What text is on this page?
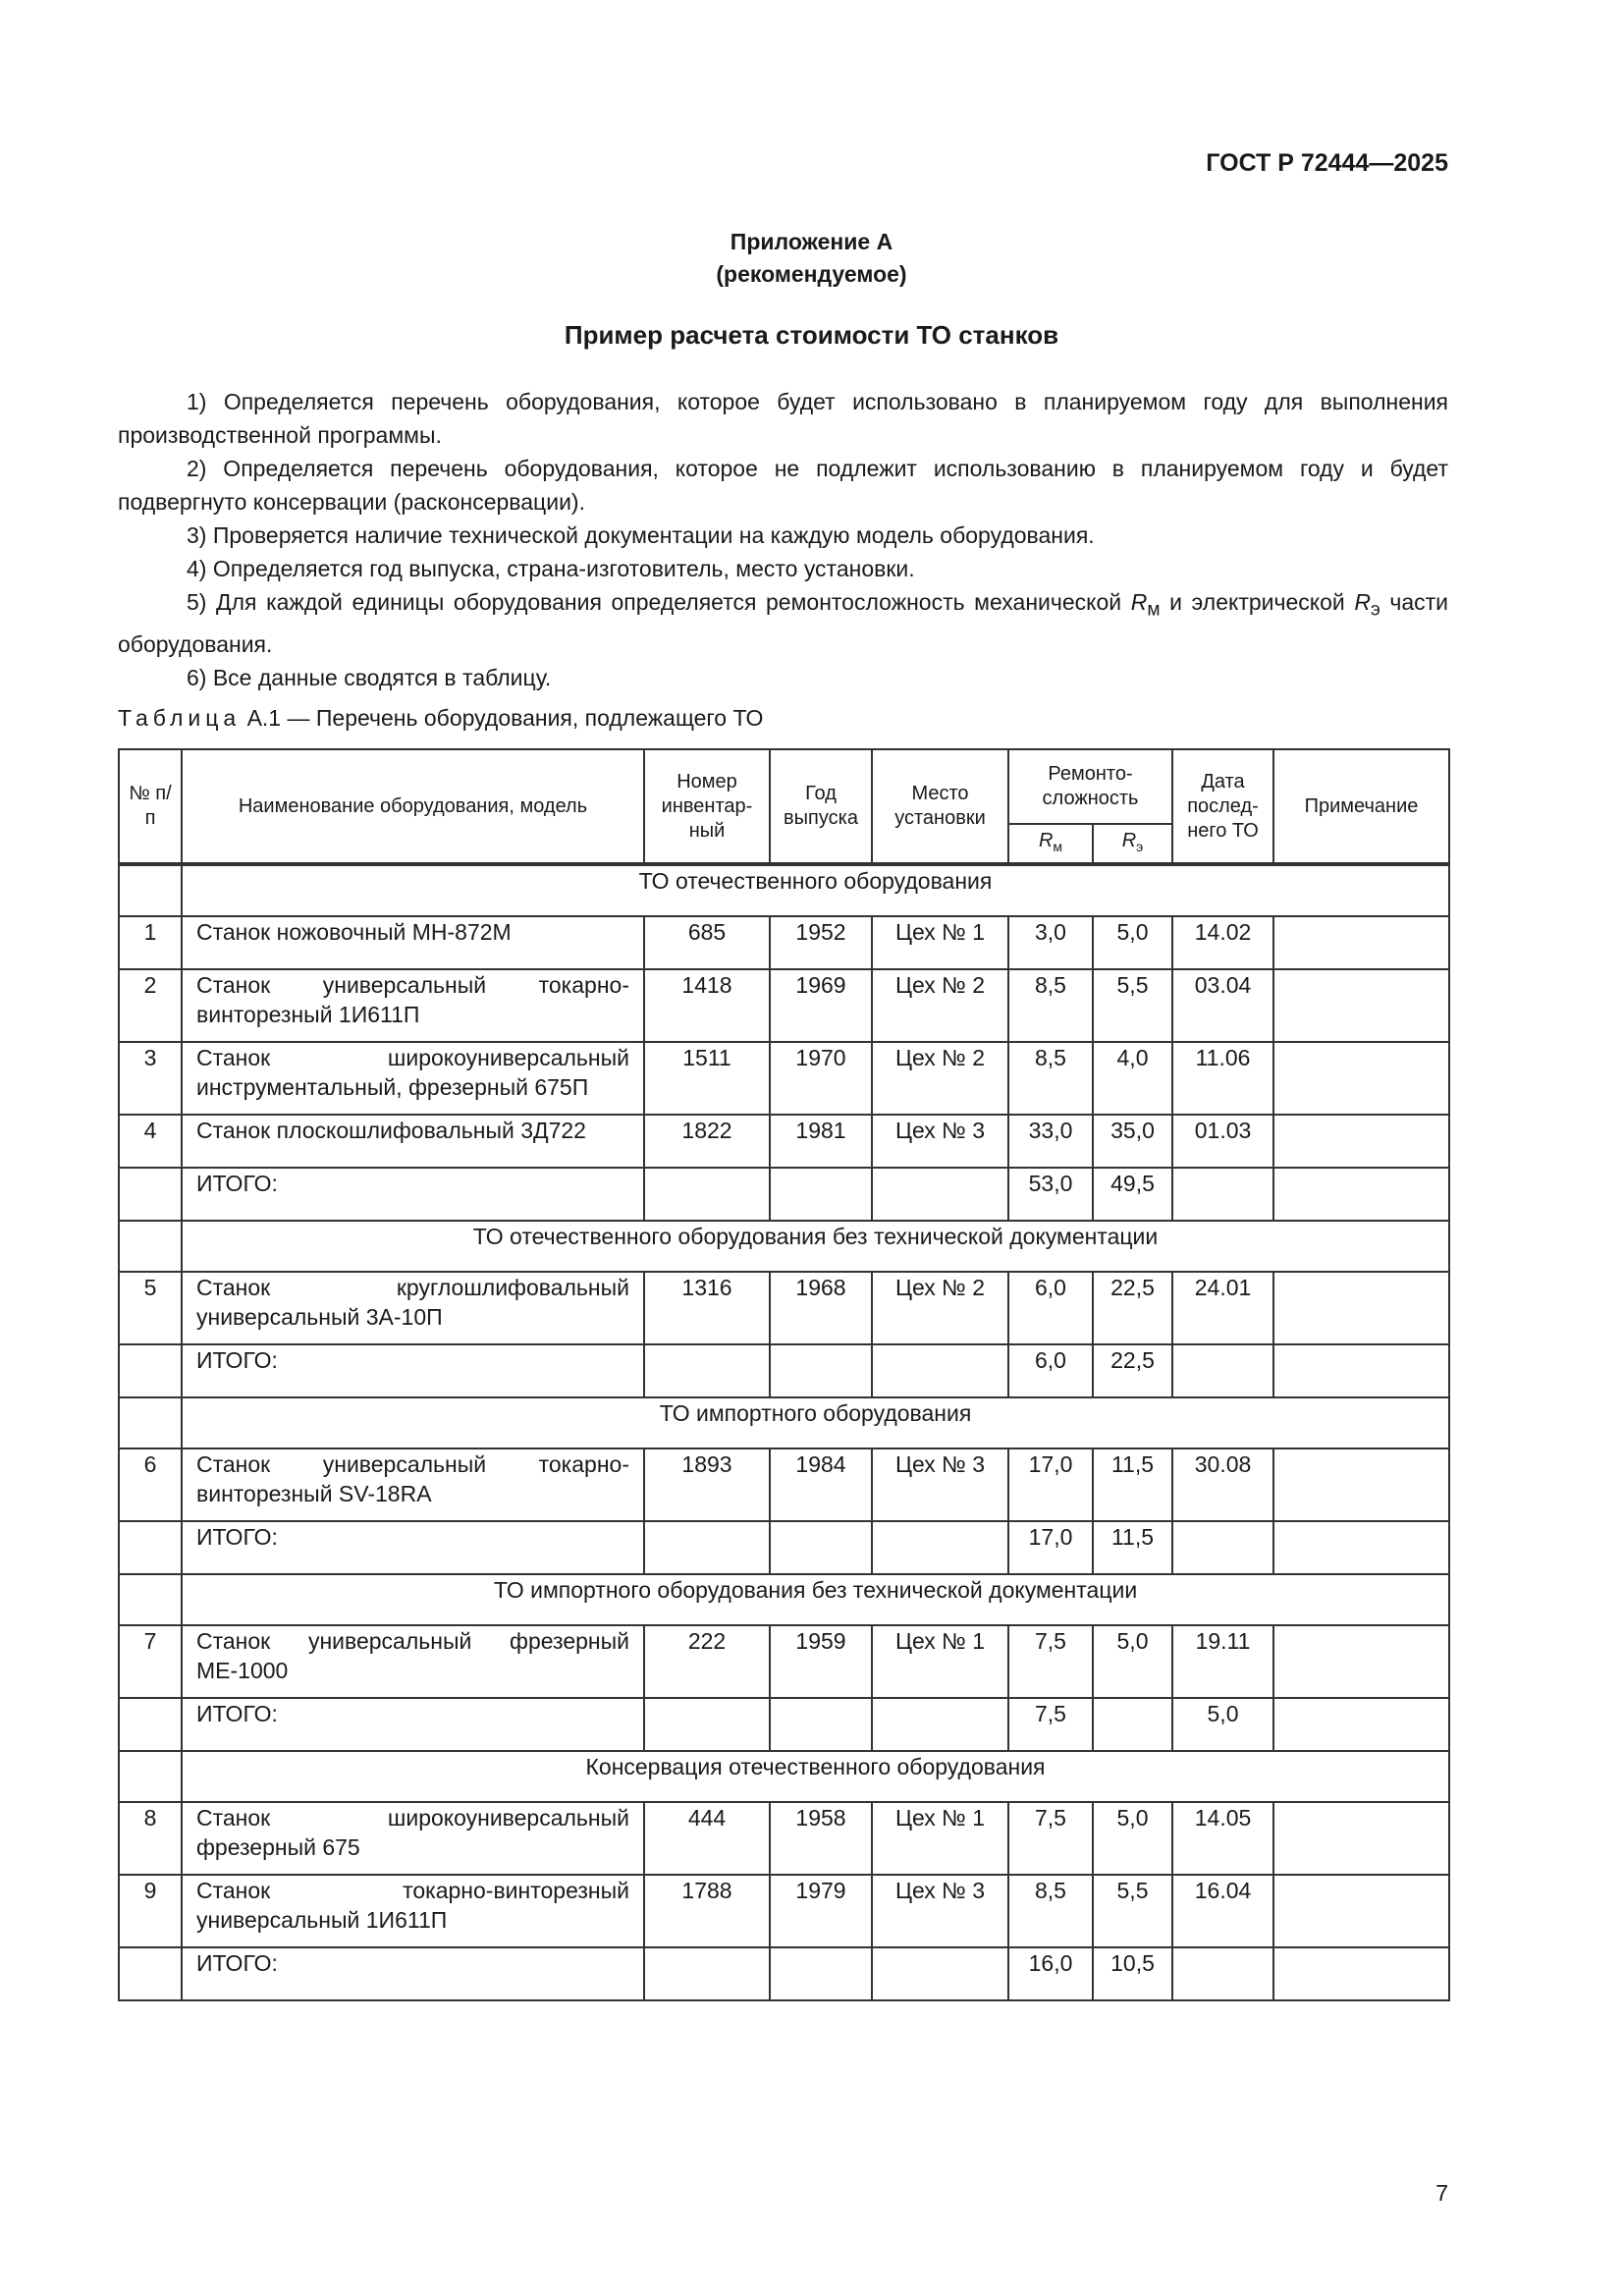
ГОСТ Р 72444—2025
Приложение А
(рекомендуемое)
Пример расчета стоимости ТО станков

1) Определяется перечень оборудования, которое будет использовано в планируемом году для выполнения производственной программы.

2) Определяется перечень оборудования, которое не подлежит использованию в планируемом году и будет подвергнуто консервации (расконсервации).

3) Проверяется наличие технической документации на каждую модель оборудования.

4) Определяется год выпуска, страна-изготовитель, место установки.

5) Для каждой единицы оборудования определяется ремонтосложность механической $R_м$ и электрической $R_э$ части оборудования.

6) Все данные сводятся в таблицу.

Таблица А.1 — Перечень оборудования, подлежащего ТО
№ п/п	Наименование оборудования, модель	Номер инвентар-ный	Год выпуска	Место установки	Ремонто-сложность		Дата послед-него ТО	Примечание
					$R_м$	$R_э$

	ТО отечественного оборудования							
1	Станок ножовочный МН-872М	685	1952	Цех № 1	3,0	5,0	14.02	
2	Станок универсальный токарно-винторезный 1И611П	1418	1969	Цех № 2	8,5	5,5	03.04	
3	Станок широкоуниверсальный инструментальный, фрезерный 675П	1511	1970	Цех № 2	8,5	4,0	11.06	
4	Станок плоскошлифовальный 3Д722	1822	1981	Цех № 3	33,0	35,0	01.03	
	ИТОГО:				53,0	49,5		
	ТО отечественного оборудования без технической документации							
5	Станок круглошлифовальный универсальный 3А-10П	1316	1968	Цех № 2	6,0	22,5	24.01	
	ИТОГО:				6,0	22,5		
	ТО импортного оборудования							
6	Станок универсальный токарно-винторезный SV-18RA	1893	1984	Цех № 3	17,0	11,5	30.08	
	ИТОГО:				17,0	11,5		
	ТО импортного оборудования без технической документации							
7	Станок универсальный фрезерный МЕ-1000	222	1959	Цех № 1	7,5	5,0	19.11	
	ИТОГО:				7,5		5,0	
	Консервация отечественного оборудования							
8	Станок широкоуниверсальный фрезерный 675	444	1958	Цех № 1	7,5	5,0	14.05	
9	Станок токарно-винторезный универсальный 1И611П	1788	1979	Цех № 3	8,5	5,5	16.04	
	ИТОГО:				16,0	10,5		
7
